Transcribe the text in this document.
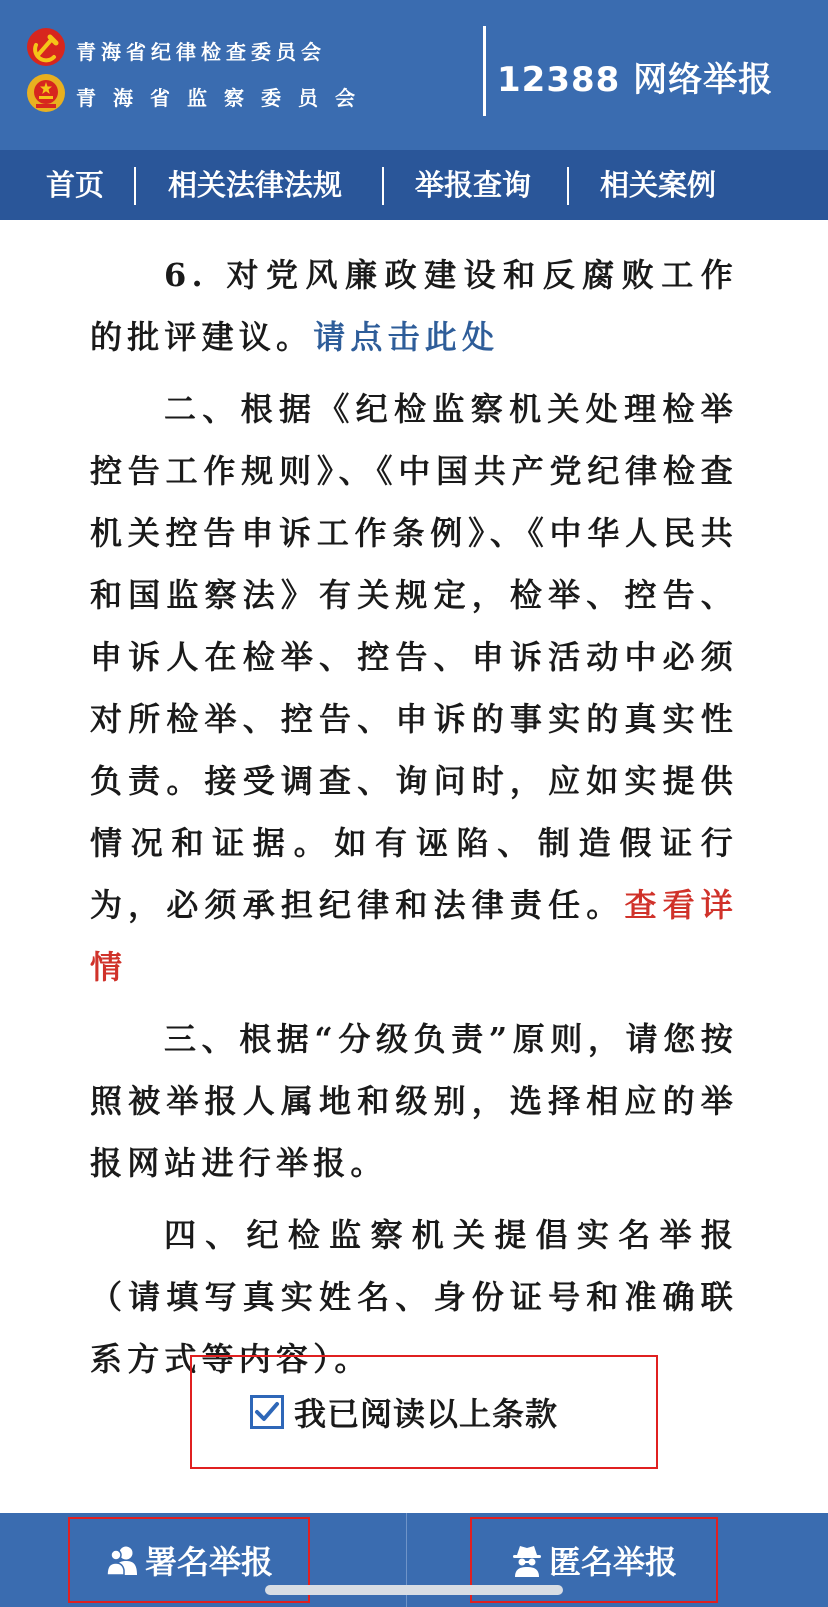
青海省纪律检查委员会
青海省监察委员会	12388 网络举报
首页 相关法律法规	举报查询 相关案例

6. 对党风廉政建设和反腐败工作的批评建议。请点击此处

二、根据《纪检监察机关处理检举控告工作规则》、《中国共产党纪律检查机关控告申诉工作条例》、《中华人民共和国监察法》有关规定，检举、控告、申诉人在检举、控告、申诉活动中必须对所检举、控告、申诉的事实的真实性负责。接受调查、询问时，应如实提供情况和证据。如有诬陷、制造假证行为，必须承担纪律和法律责任。查看详情

三、根据“分级负责”原则，请您按照被举报人属地和级别，选择相应的举报网站进行举报。

四、纪检监察机关提倡实名举报（请填写真实姓名、身份证号和准确联系方式等内容）。

我已阅读以上条款
署名举报	匿名举报
